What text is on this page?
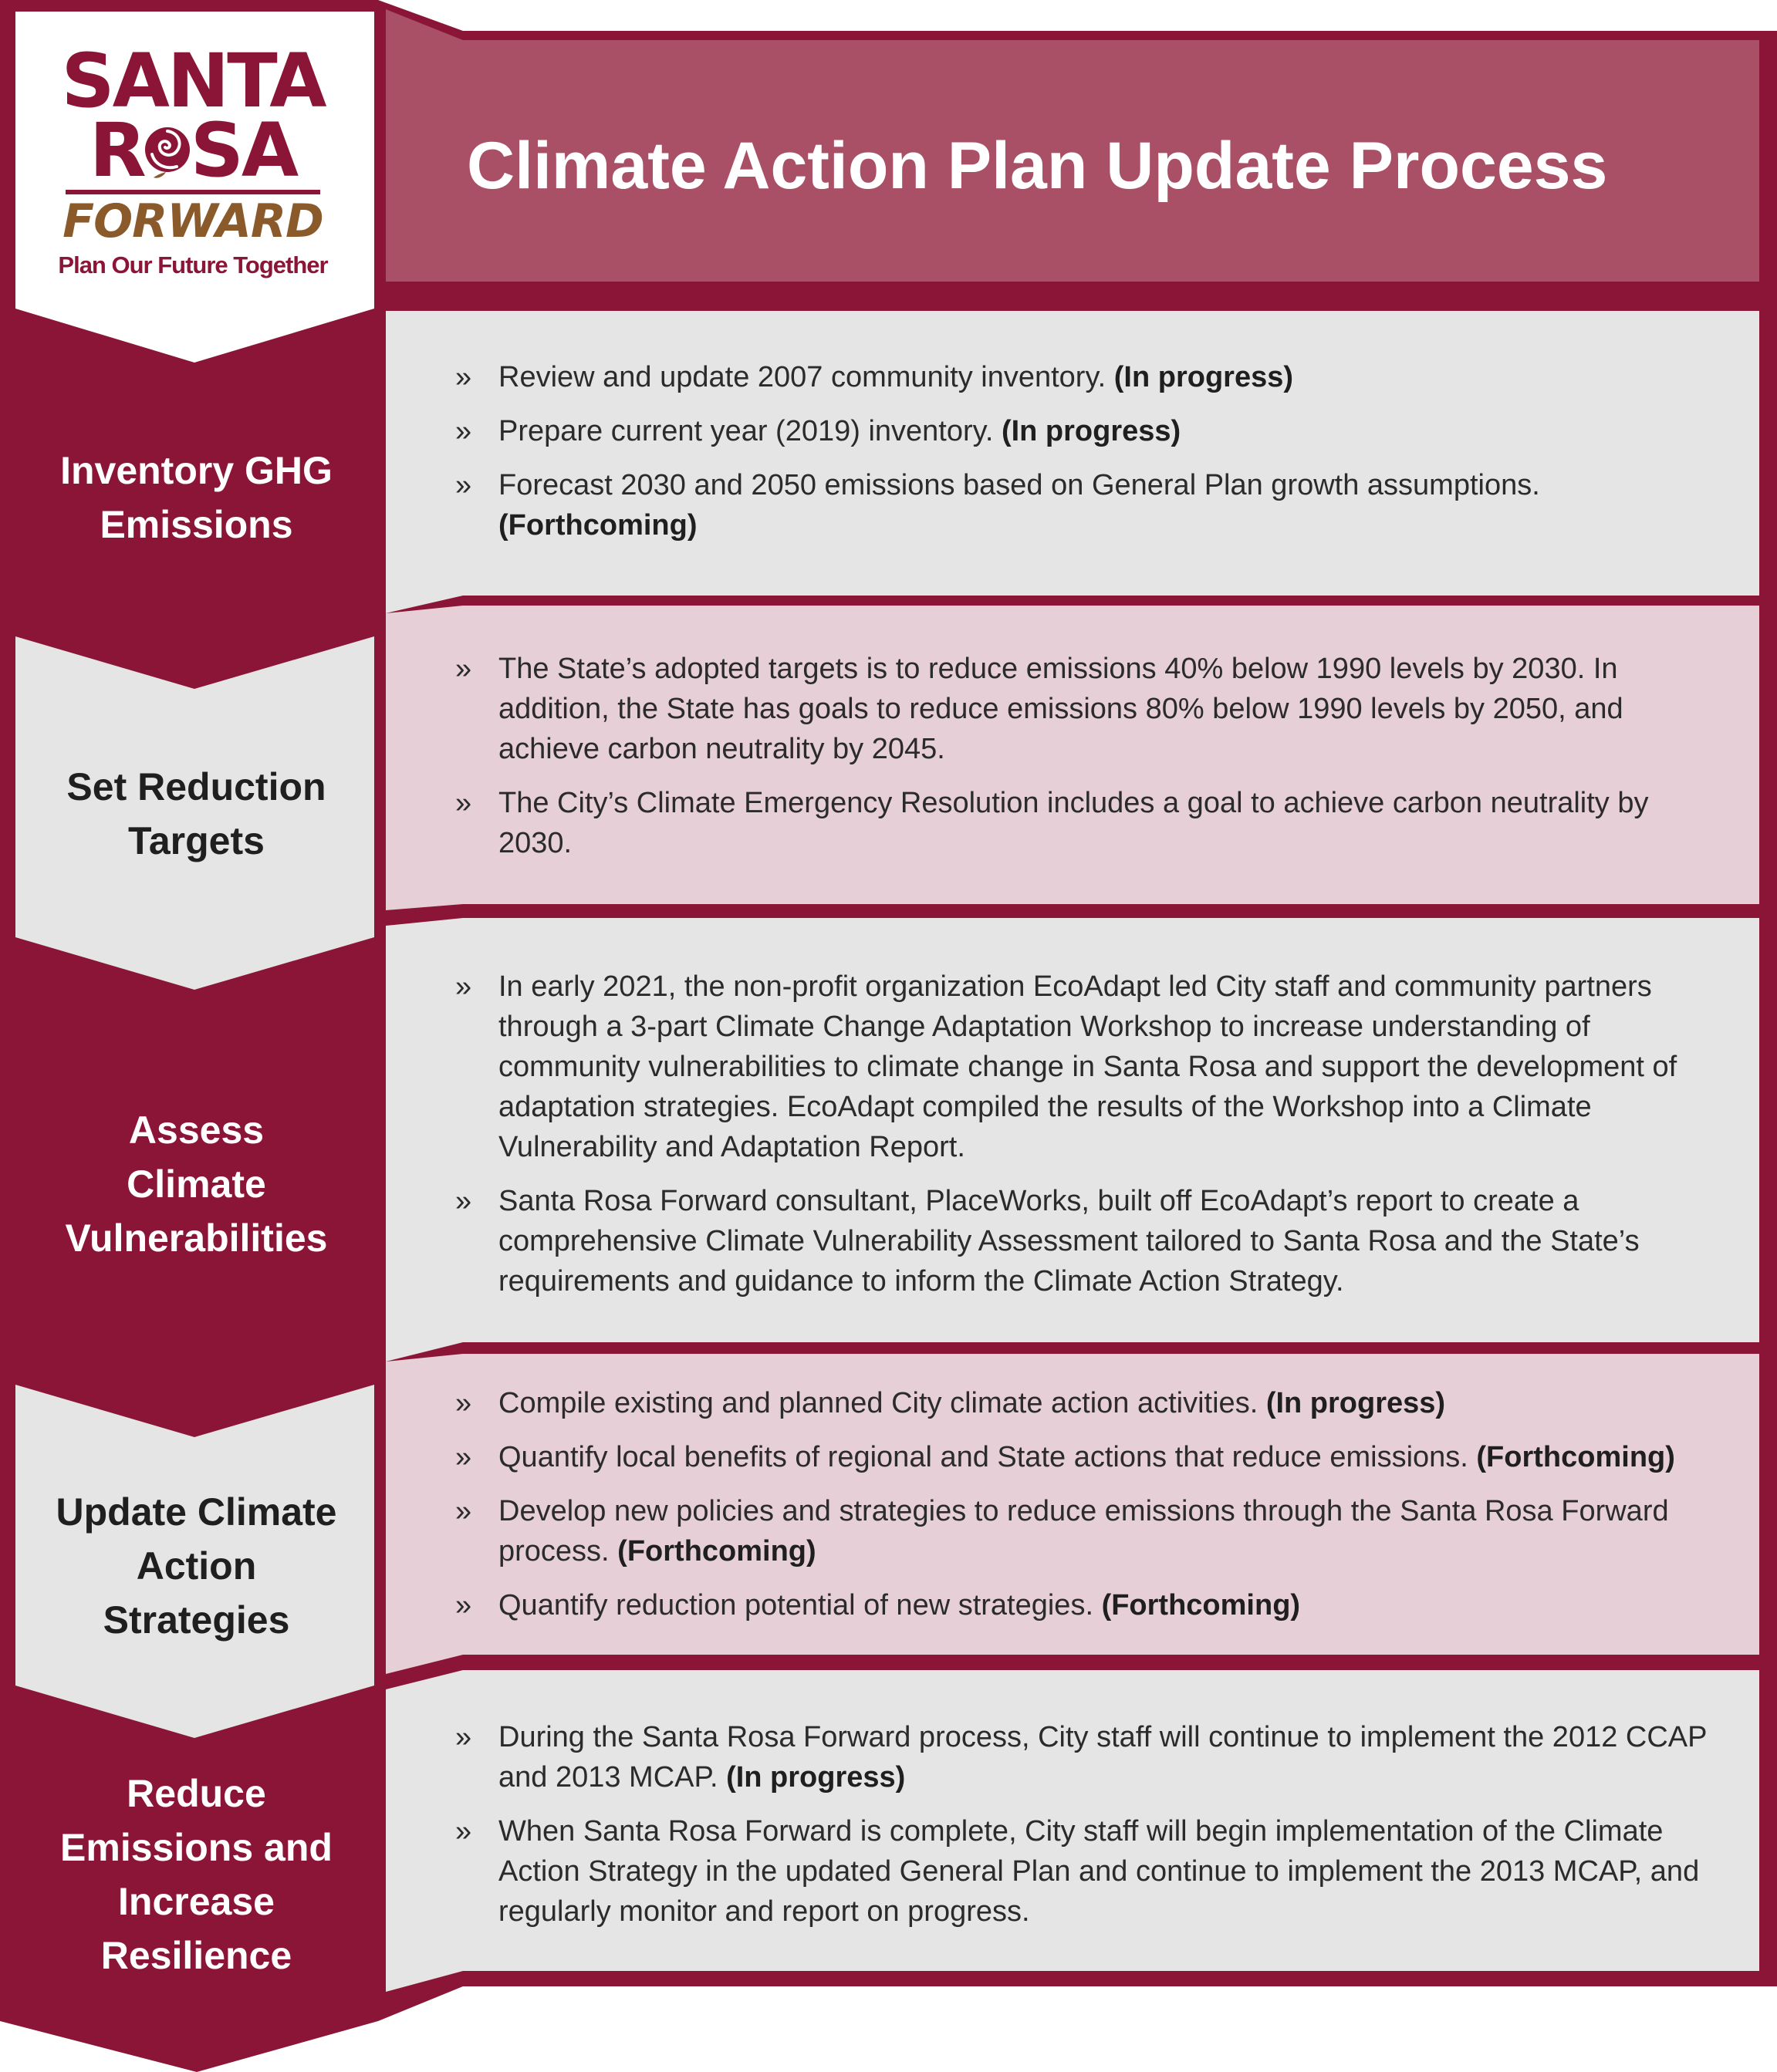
SANTA
R SA
FORWARD
Plan Our Future Together
Climate Action Plan Update Process
Inventory GHG
Emissions
Set Reduction
Targets
Assess
Climate
Vulnerabilities
Update Climate
Action
Strategies
Reduce
Emissions and
Increase
Resilience
» Review and update 2007 community inventory. (In progress)
» Prepare current year (2019) inventory. (In progress)
» Forecast 2030 and 2050 emissions based on General Plan growth assumptions. (Forthcoming)
» The State’s adopted targets is to reduce emissions 40% below 1990 levels by 2030. In addition, the State has goals to reduce emissions 80% below 1990 levels by 2050, and achieve carbon neutrality by 2045.
» The City’s Climate Emergency Resolution includes a goal to achieve carbon neutrality by 2030.
» In early 2021, the non-profit organization EcoAdapt led City staff and community partners through a 3-part Climate Change Adaptation Workshop to increase understanding of community vulnerabilities to climate change in Santa Rosa and support the development of adaptation strategies. EcoAdapt compiled the results of the Workshop into a Climate Vulnerability and Adaptation Report.
» Santa Rosa Forward consultant, PlaceWorks, built off EcoAdapt’s report to create a comprehensive Climate Vulnerability Assessment tailored to Santa Rosa and the State’s requirements and guidance to inform the Climate Action Strategy.
» Compile existing and planned City climate action activities. (In progress)
» Quantify local benefits of regional and State actions that reduce emissions. (Forthcoming)
» Develop new policies and strategies to reduce emissions through the Santa Rosa Forward process. (Forthcoming)
» Quantify reduction potential of new strategies. (Forthcoming)
» During the Santa Rosa Forward process, City staff will continue to implement the 2012 CCAP and 2013 MCAP. (In progress)
» When Santa Rosa Forward is complete, City staff will begin implementation of the Climate Action Strategy in the updated General Plan and continue to implement the 2013 MCAP, and regularly monitor and report on progress.
